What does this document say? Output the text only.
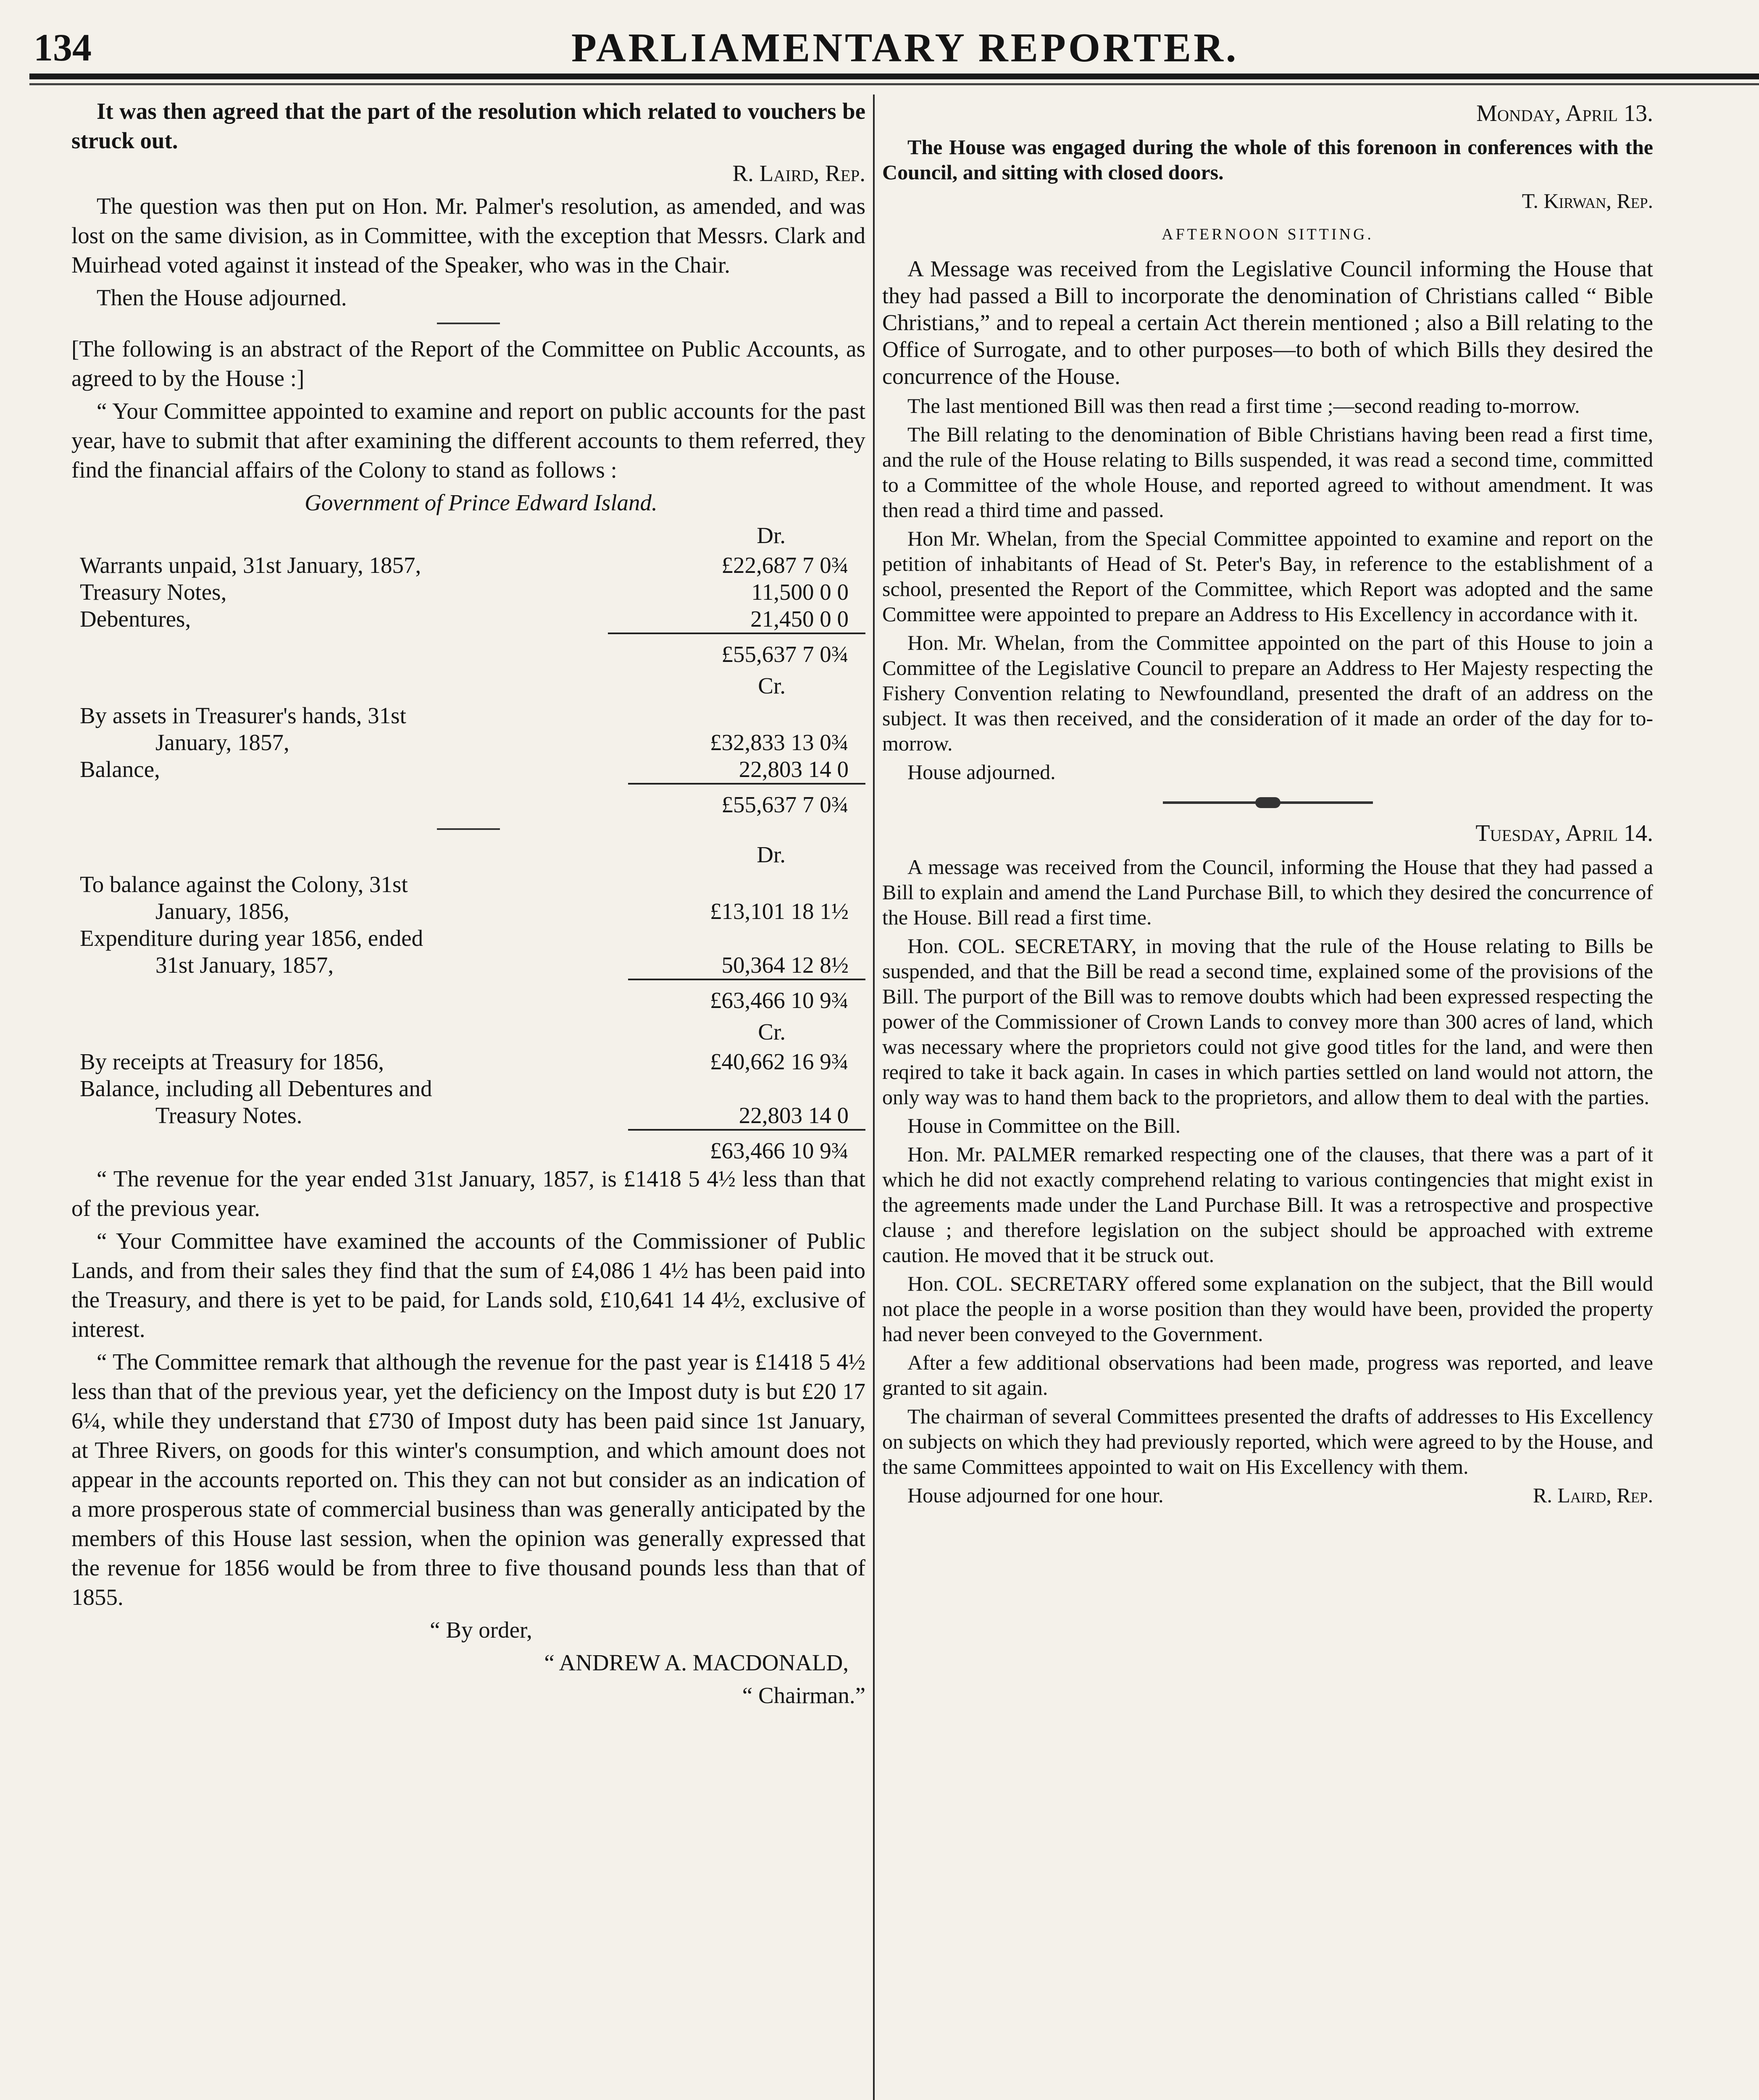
134	PARLIAMENTARY REPORTER.

It was then agreed that the part of the resolution which related to vouchers be struck out.

R. Laird, Rep.

The question was then put on Hon. Mr. Palmer's resolution, as amended, and was lost on the same division, as in Committee, with the exception that Messrs. Clark and Muirhead voted against it instead of the Speaker, who was in the Chair.

Then the House adjourned.

[The following is an abstract of the Report of the Committee on Public Accounts, as agreed to by the House :]

“ Your Committee appointed to examine and report on public accounts for the past year, have to submit that after examining the different accounts to them referred, they find the financial affairs of the Colony to stand as follows :

Government of Prince Edward Island.

Dr.
Warrants unpaid, 31st January, 1857,	£22,687 7 0¾
Treasury Notes,	11,500 0 0
Debentures,	21,450 0 0
	£55,637 7 0¾
Cr.
By assets in Treasurer's hands, 31st	
January, 1857,	£32,833 13 0¾
Balance,	22,803 14 0
	£55,637 7 0¾
Dr.
To balance against the Colony, 31st	
January, 1856,	£13,101 18 1½
Expenditure during year 1856, ended	
31st January, 1857,	50,364 12 8½
	£63,466 10 9¾
Cr.
By receipts at Treasury for 1856,	£40,662 16 9¾
Balance, including all Debentures and	
Treasury Notes.	22,803 14 0
	£63,466 10 9¾

“ The revenue for the year ended 31st January, 1857, is £1418 5 4½ less than that of the previous year.

“ Your Committee have examined the accounts of the Commissioner of Public Lands, and from their sales they find that the sum of £4,086 1 4½ has been paid into the Treasury, and there is yet to be paid, for Lands sold, £10,641 14 4½, exclusive of interest.

“ The Committee remark that although the revenue for the past year is £1418 5 4½ less than that of the previous year, yet the deficiency on the Impost duty is but £20 17 6¼, while they understand that £730 of Impost duty has been paid since 1st January, at Three Rivers, on goods for this winter's consumption, and which amount does not appear in the accounts reported on. This they can not but consider as an indication of a more prosperous state of commercial business than was generally anticipated by the members of this House last session, when the opinion was generally expressed that the revenue for 1856 would be from three to five thousand pounds less than that of 1855.

“ By order,

“ ANDREW A. MACDONALD,

“ Chairman.”

Monday, April 13.

The House was engaged during the whole of this forenoon in conferences with the Council, and sitting with closed doors.

T. Kirwan, Rep.

AFTERNOON SITTING.

A Message was received from the Legislative Council informing the House that they had passed a Bill to incorporate the denomination of Christians called “ Bible Christians,” and to repeal a certain Act therein mentioned ; also a Bill relating to the Office of Surrogate, and to other purposes—to both of which Bills they desired the concurrence of the House.

The last mentioned Bill was then read a first time ;—second reading to-morrow.

The Bill relating to the denomination of Bible Christians having been read a first time, and the rule of the House relating to Bills suspended, it was read a second time, committed to a Committee of the whole House, and reported agreed to without amendment. It was then read a third time and passed.

Hon Mr. Whelan, from the Special Committee appointed to examine and report on the petition of inhabitants of Head of St. Peter's Bay, in reference to the establishment of a school, presented the Report of the Committee, which Report was adopted and the same Committee were appointed to prepare an Address to His Excellency in accordance with it.

Hon. Mr. Whelan, from the Committee appointed on the part of this House to join a Committee of the Legislative Council to prepare an Address to Her Majesty respecting the Fishery Convention relating to Newfoundland, presented the draft of an address on the subject. It was then received, and the consideration of it made an order of the day for to-morrow.

House adjourned.

Tuesday, April 14.

A message was received from the Council, informing the House that they had passed a Bill to explain and amend the Land Purchase Bill, to which they desired the concurrence of the House. Bill read a first time.

Hon. COL. SECRETARY, in moving that the rule of the House relating to Bills be suspended, and that the Bill be read a second time, explained some of the provisions of the Bill. The purport of the Bill was to remove doubts which had been expressed respecting the power of the Commissioner of Crown Lands to convey more than 300 acres of land, which was necessary where the proprietors could not give good titles for the land, and were then reqired to take it back again. In cases in which parties settled on land would not attorn, the only way was to hand them back to the proprietors, and allow them to deal with the parties.

House in Committee on the Bill.

Hon. Mr. PALMER remarked respecting one of the clauses, that there was a part of it which he did not exactly comprehend relating to various contingencies that might exist in the agreements made under the Land Purchase Bill. It was a retrospective and prospective clause ; and therefore legislation on the subject should be approached with extreme caution. He moved that it be struck out.

Hon. COL. SECRETARY offered some explanation on the subject, that the Bill would not place the people in a worse position than they would have been, provided the property had never been conveyed to the Government.

After a few additional observations had been made, progress was reported, and leave granted to sit again.

The chairman of several Committees presented the drafts of addresses to His Excellency on subjects on which they had previously reported, which were agreed to by the House, and the same Committees appointed to wait on His Excellency with them.

House adjourned for one hour.	R. Laird, Rep.
